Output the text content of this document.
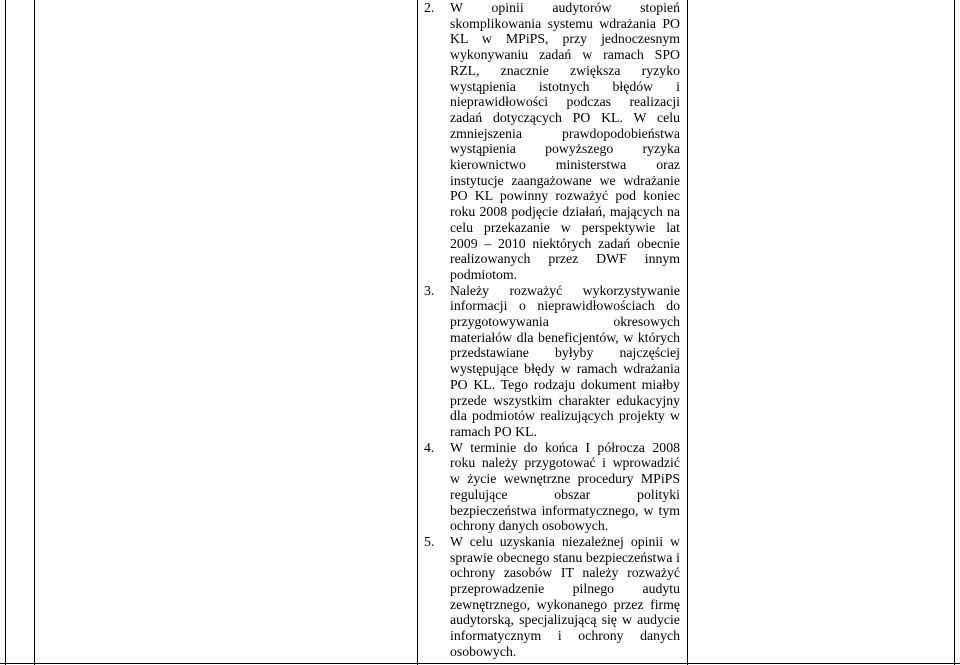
2. W opinii audytorów stopień skomplikowania systemu wdrażania PO KL w MPiPS, przy jednoczesnym wykonywaniu zadań w ramach SPO RZL, znacznie zwiększa ryzyko wystąpienia istotnych błędów i nieprawidłowości podczas realizacji zadań dotyczących PO KL. W celu zmniejszenia prawdopodobieństwa wystąpienia powyższego ryzyka kierownictwo ministerstwa oraz instytucje zaangażowane we wdrażanie PO KL powinny rozważyć pod koniec roku 2008 podjęcie działań, mających na celu przekazanie w perspektywie lat 2009 – 2010 niektórych zadań obecnie realizowanych przez DWF innym podmiotom.
3. Należy rozważyć wykorzystywanie informacji o nieprawidłowościach do przygotowywania okresowych materiałów dla beneficjentów, w których przedstawiane byłyby najczęściej występujące błędy w ramach wdrażania PO KL. Tego rodzaju dokument miałby przede wszystkim charakter edukacyjny dla podmiotów realizujących projekty w ramach PO KL.
4. W terminie do końca I półrocza 2008 roku należy przygotować i wprowadzić w życie wewnętrzne procedury MPiPS regulujące obszar polityki bezpieczeństwa informatycznego, w tym ochrony danych osobowych.
5. W celu uzyskania niezależnej opinii w sprawie obecnego stanu bezpieczeństwa i ochrony zasobów IT należy rozważyć przeprowadzenie pilnego audytu zewnętrznego, wykonanego przez firmę audytorską, specjalizującą się w audycie informatycznym i ochrony danych osobowych.
